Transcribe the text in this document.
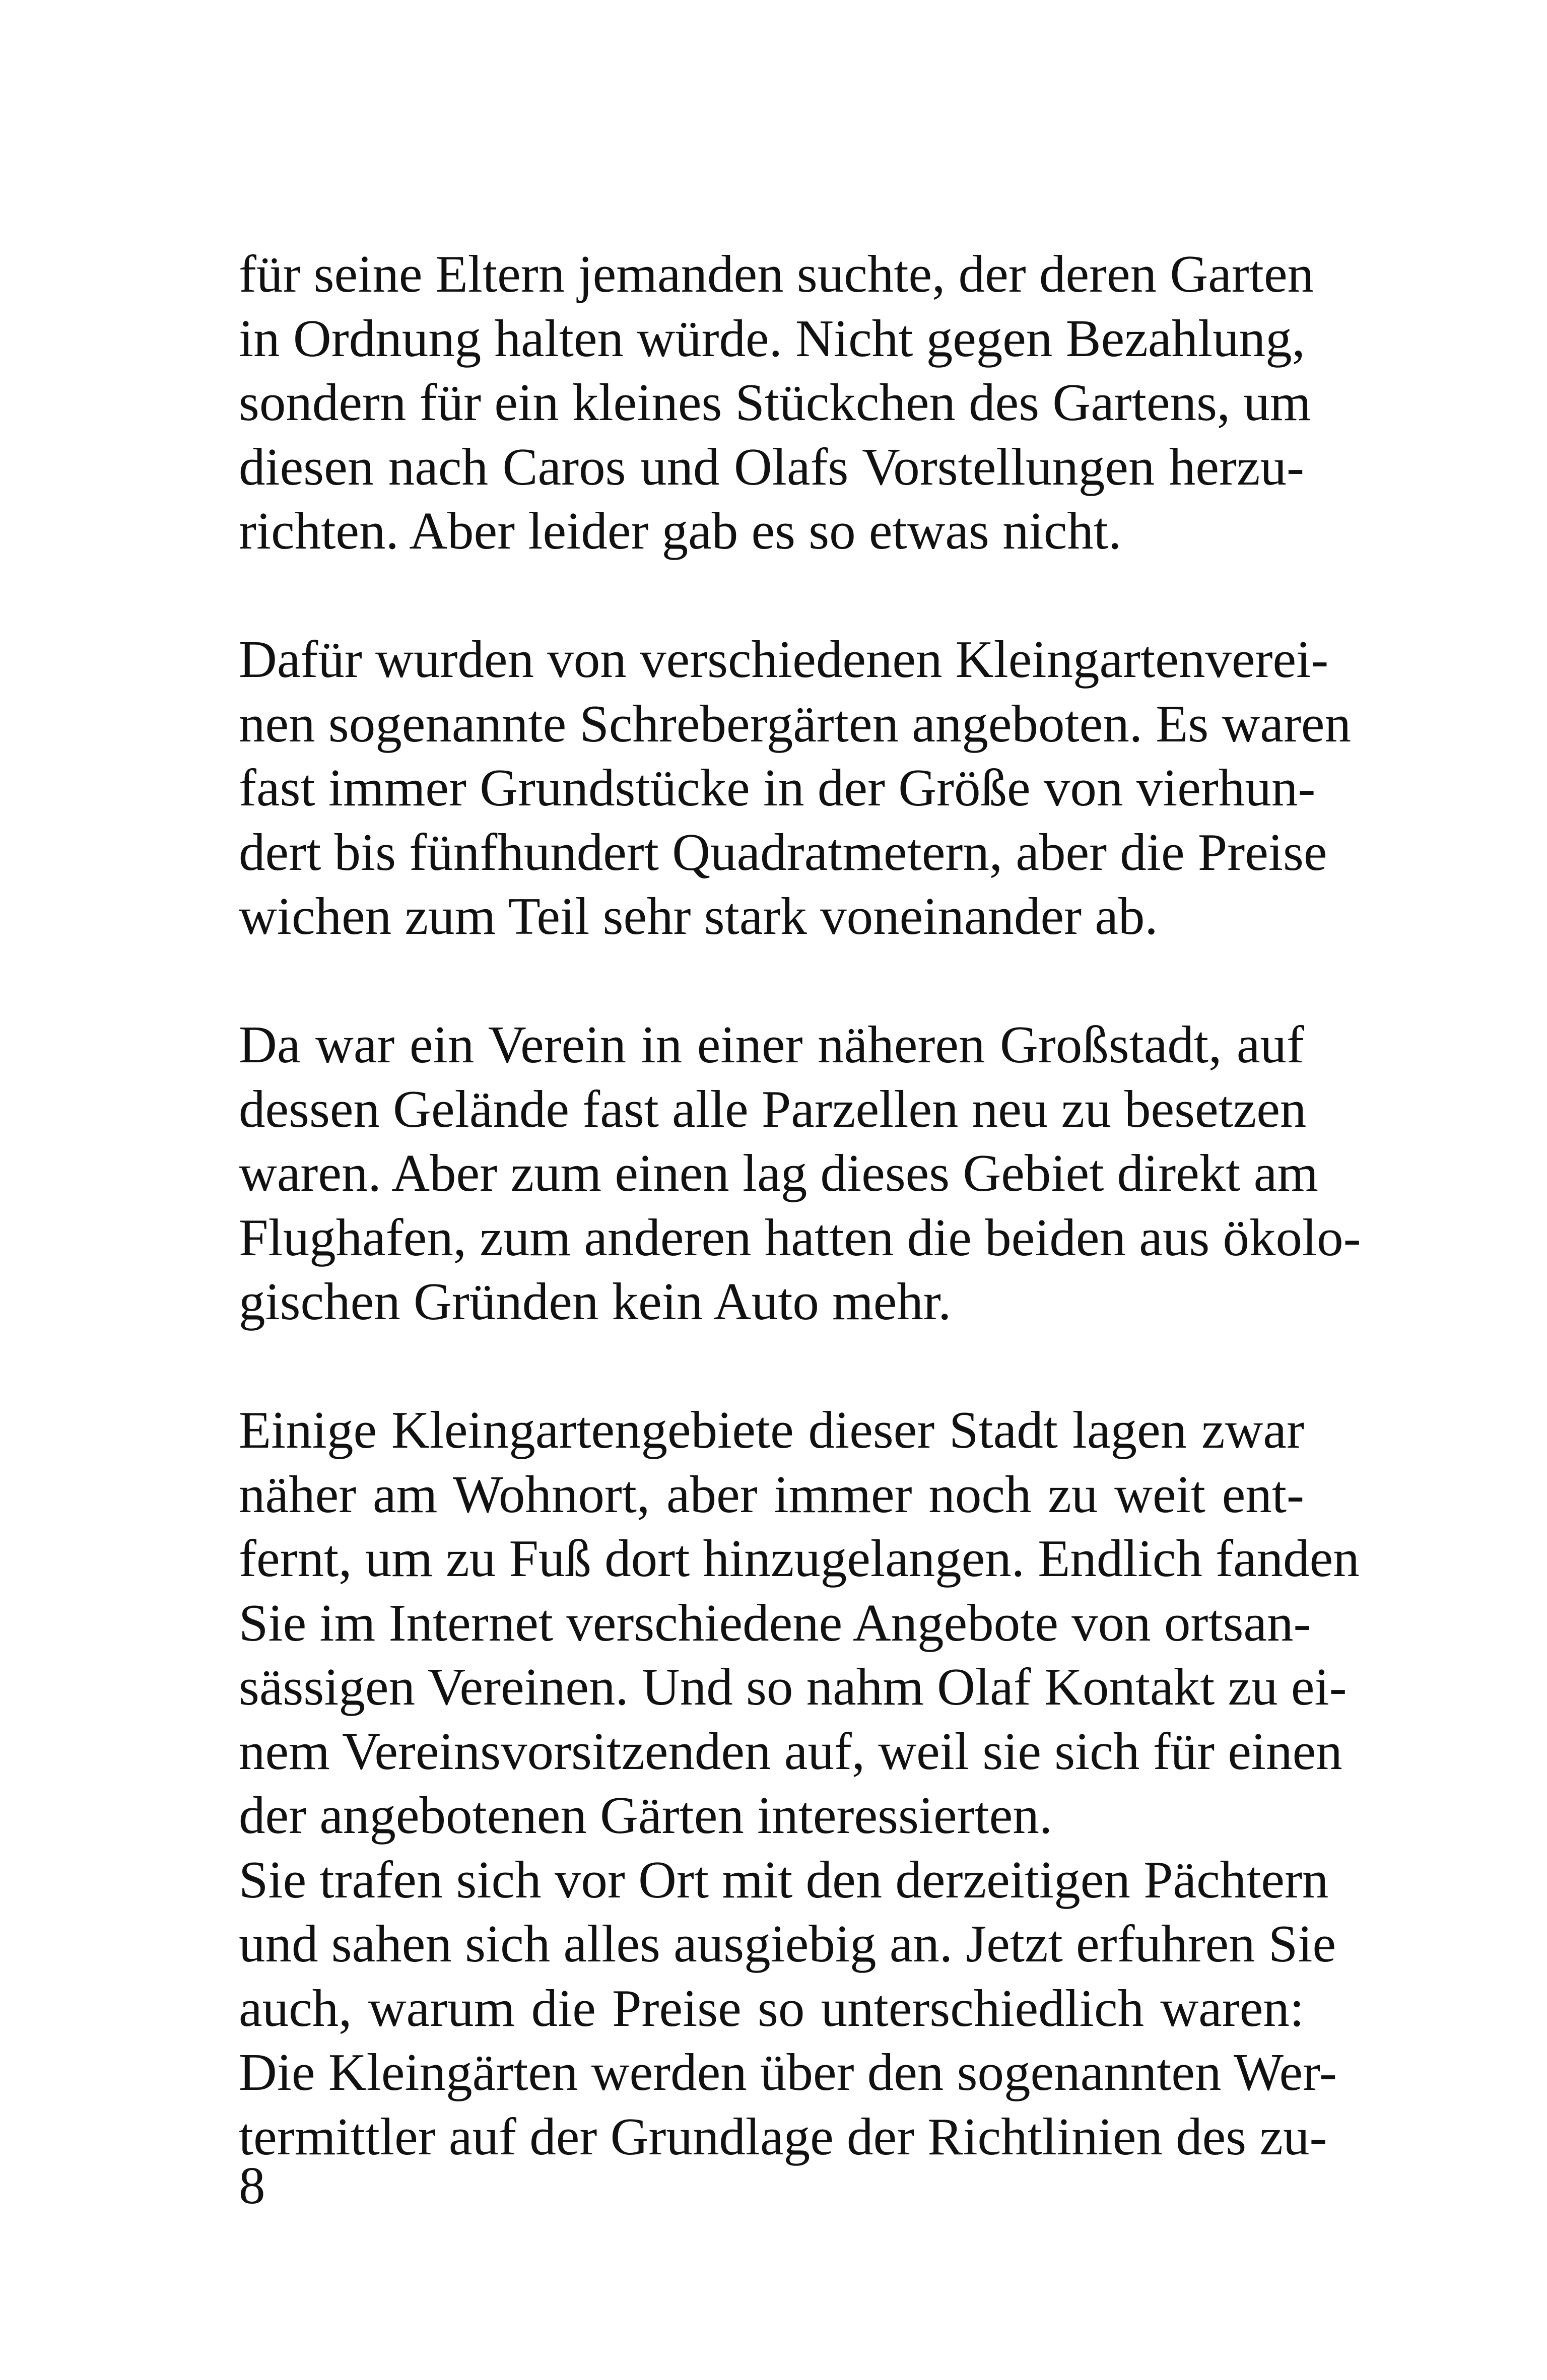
für seine Eltern jemanden suchte, der deren Garten
in Ordnung halten würde. Nicht gegen Bezahlung,
sondern für ein kleines Stückchen des Gartens, um
diesen nach Caros und Olafs Vorstellungen herzu-
richten. Aber leider gab es so etwas nicht.
Dafür wurden von verschiedenen Kleingartenverei-
nen sogenannte Schrebergärten angeboten. Es waren
fast immer Grundstücke in der Größe von vierhun-
dert bis fünfhundert Quadratmetern, aber die Preise
wichen zum Teil sehr stark voneinander ab.
Da war ein Verein in einer näheren Großstadt, auf
dessen Gelände fast alle Parzellen neu zu besetzen
waren. Aber zum einen lag dieses Gebiet direkt am
Flughafen, zum anderen hatten die beiden aus ökolo-
gischen Gründen kein Auto mehr.
Einige Kleingartengebiete dieser Stadt lagen zwar
näher am Wohnort, aber immer noch zu weit ent-
fernt, um zu Fuß dort hinzugelangen. Endlich fanden
Sie im Internet verschiedene Angebote von ortsan-
sässigen Vereinen. Und so nahm Olaf Kontakt zu ei-
nem Vereinsvorsitzenden auf, weil sie sich für einen
der angebotenen Gärten interessierten.
Sie trafen sich vor Ort mit den derzeitigen Pächtern
und sahen sich alles ausgiebig an. Jetzt erfuhren Sie
auch, warum die Preise so unterschiedlich waren:
Die Kleingärten werden über den sogenannten Wer-
termittler auf der Grundlage der Richtlinien des zu-
8
